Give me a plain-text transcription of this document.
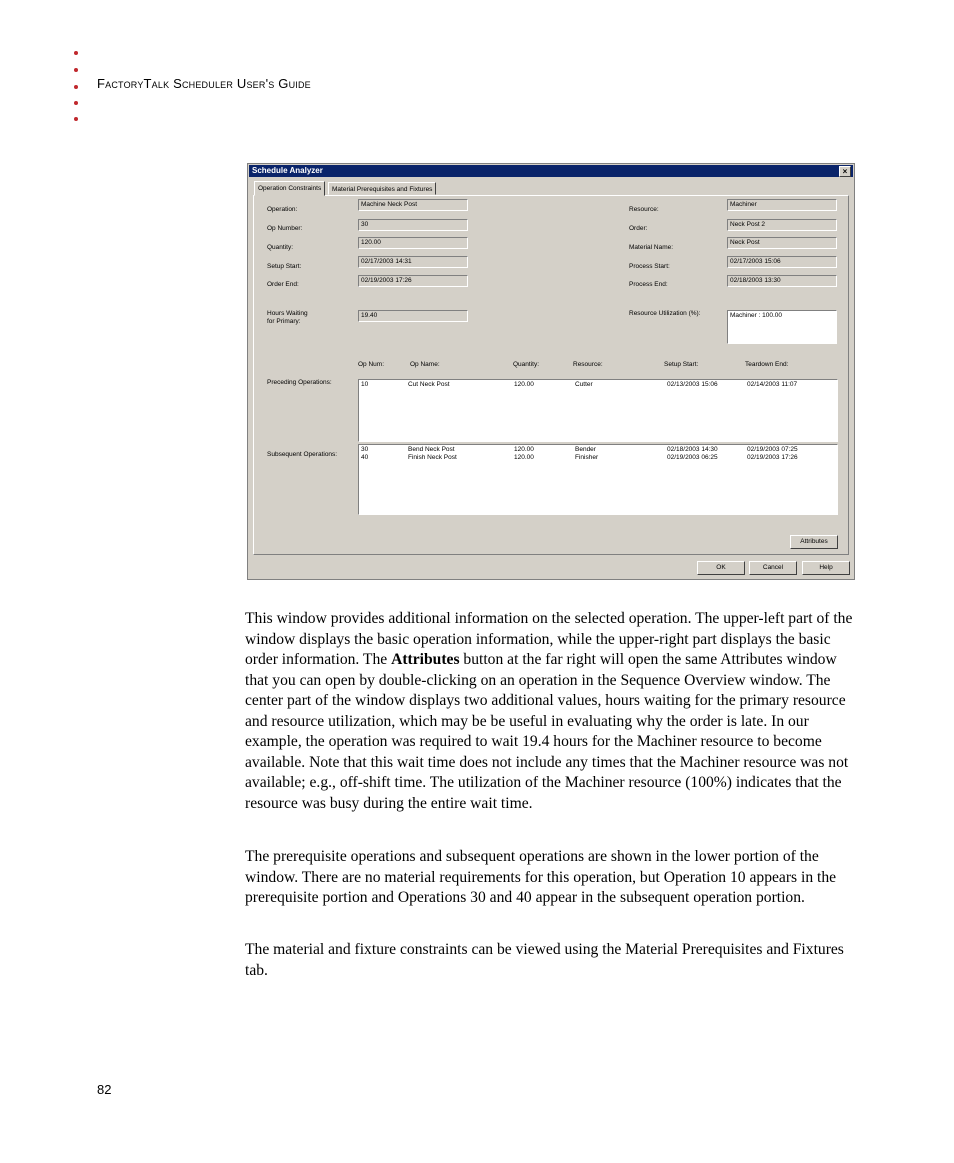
FactoryTalk Scheduler User's Guide
Schedule Analyzer	×
Operation Constraints	Material Prerequisites and Fixtures
Operation:
Machine Neck Post
Op Number:
30
Quantity:
120.00
Setup Start:
02/17/2003 14:31
Order End:
02/19/2003 17:26
Resource:
Machiner
Order:
Neck Post 2
Material Name:
Neck Post
Process Start:
02/17/2003 15:06
Process End:
02/18/2003 13:30
Hours Waiting
for Primary:
19.40	Resource Utilization (%):	Machiner : 100.00
Op Num:	Op Name:	Quantity:	Resource:	Setup Start:	Teardown End:
Preceding Operations:	10	Cut Neck Post	120.00	Cutter	02/13/2003 15:06	02/14/2003 11:07
Subsequent Operations:
30	Bend Neck Post	120.00	Bender	02/18/2003 14:30	02/19/2003 07:25
40	Finish Neck Post	120.00	Finisher	02/19/2003 06:25	02/19/2003 17:26
Attributes
OK	Cancel	Help
This window provides additional information on the selected operation. The upper-left part of the window displays the basic operation information, while the upper-right part displays the basic order information. The Attributes button at the far right will open the same Attributes window that you can open by double-clicking on an operation in the Sequence Overview window. The center part of the window displays two additional values, hours waiting for the primary resource and resource utilization, which may be be useful in evaluating why the order is late. In our example, the operation was required to wait 19.4 hours for the Machiner resource to become available. Note that this wait time does not include any times that the Machiner resource was not available; e.g., off-shift time. The utilization of the Machiner resource (100%) indicates that the resource was busy during the entire wait time.
The prerequisite operations and subsequent operations are shown in the lower portion of the window. There are no material requirements for this operation, but Operation 10 appears in the prerequisite portion and Operations 30 and 40 appear in the subsequent operation portion.
The material and fixture constraints can be viewed using the Material Prerequisites and Fixtures tab.
82
